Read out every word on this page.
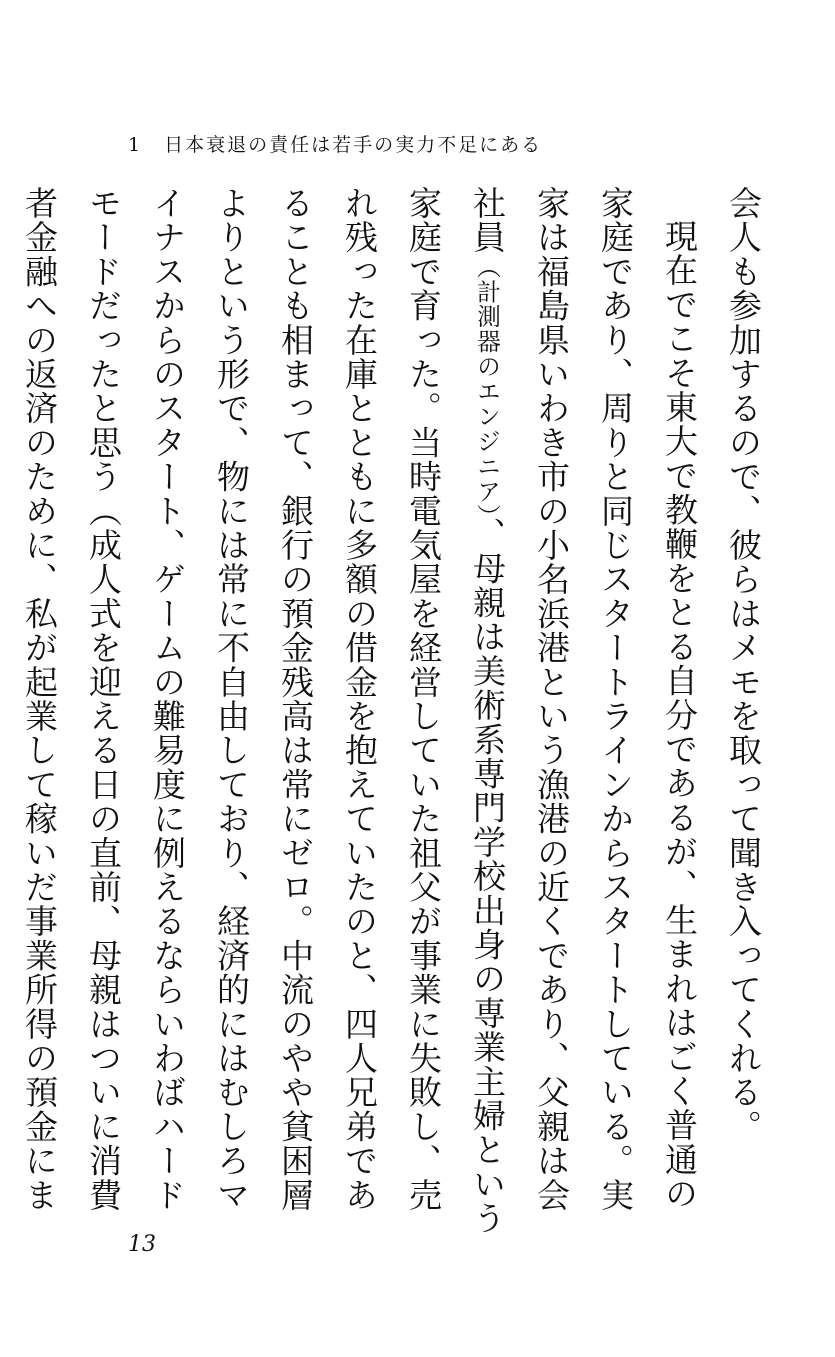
1 日本衰退の責任は若手の実力不足にある

会人も参加するので、彼らはメモを取って聞き入ってくれる。

現在でこそ東大で教鞭をとる自分であるが、生まれはごく普通の家庭であり、周りと同じスタートラインからスタートしている。実家は福島県いわき市の小名浜港という漁港の近くであり、父親は会社員（計測器のエンジニア）、母親は美術系専門学校出身の専業主婦という家庭で育った。当時電気屋を経営していた祖父が事業に失敗し、売れ残った在庫とともに多額の借金を抱えていたのと、四人兄弟であることも相まって、銀行の預金残高は常にゼロ。中流のやや貧困層よりという形で、物には常に不自由しており、経済的にはむしろマイナスからのスタート、ゲームの難易度に例えるならいわばハードモードだったと思う（成人式を迎える日の直前、母親はついに消費者金融への返済のために、私が起業して稼いだ事業所得の預金にま

13
